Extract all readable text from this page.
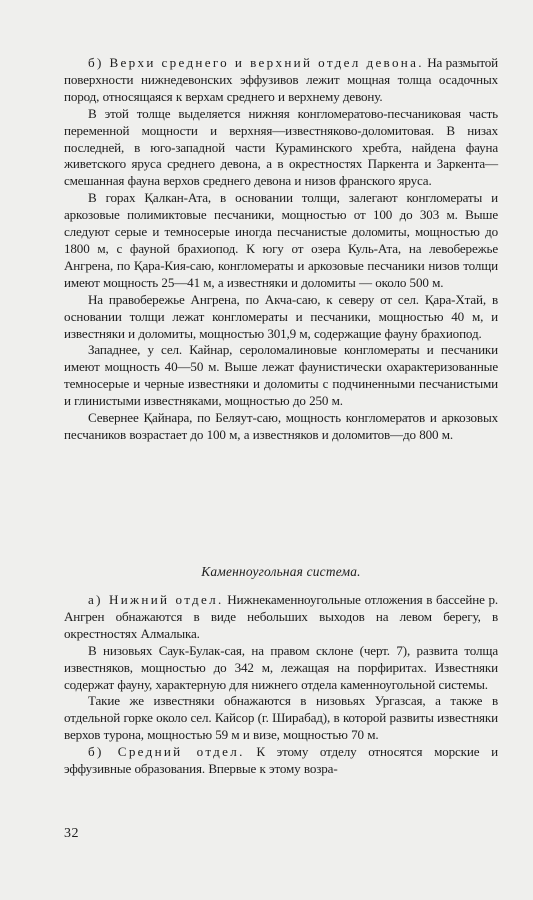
б) Верхи среднего и верхний отдел девона. На размытой поверхности нижнедевонских эффузивов лежит мощная толща осадочных пород, относящаяся к верхам среднего и верхнему девону.

В этой толще выделяется нижняя конгломератово-песчаниковая часть переменной мощности и верхняя—известняково-доломитовая. В низах последней, в юго-западной части Кураминского хребта, найдена фауна живетского яруса среднего девона, а в окрестностях Паркента и Заркента—смешанная фауна верхов среднего девона и низов франского яруса.

В горах Қалкан-Ата, в основании толщи, залегают конгломераты и аркозовые полимиктовые песчаники, мощностью от 100 до 303 м. Выше следуют серые и темносерые иногда песчанистые доломиты, мощностью до 1800 м, с фауной брахиопод. К югу от озера Куль-Ата, на левобережье Ангрена, по Қара-Кия-саю, конгломераты и аркозовые песчаники низов толщи имеют мощность 25—41 м, а известняки и доломиты — около 500 м.

На правобережье Ангрена, по Акча-саю, к северу от сел. Қара-Хтай, в основании толщи лежат конгломераты и песчаники, мощностью 40 м, и известняки и доломиты, мощностью 301,9 м, содержащие фауну брахиопод.

Западнее, у сел. Кайнар, сероломалиновые конгломераты и песчаники имеют мощность 40—50 м. Выше лежат фаунистически охарактеризованные темносерые и черные известняки и доломиты с подчиненными песчанистыми и глинистыми известняками, мощностью до 250 м.

Севернее Қайнара, по Беляут-саю, мощность конгломератов и аркозовых песчаников возрастает до 100 м, а известняков и доломитов—до 800 м.

Каменноугольная система.

а) Нижний отдел. Нижнекаменноугольные отложения в бассейне р. Ангрен обнажаются в виде небольших выходов на левом берегу, в окрестностях Алмалыка.

В низовьях Саук-Булак-сая, на правом склоне (черт. 7), развита толща известняков, мощностью до 342 м, лежащая на порфиритах. Известняки содержат фауну, характерную для нижнего отдела каменноугольной системы.

Такие же известняки обнажаются в низовьях Ургазсая, а также в отдельной горке около сел. Кайсор (г. Ширабад), в которой развиты известняки верхов турона, мощностью 59 м и визе, мощностью 70 м.

б) Средний отдел. К этому отделу относятся морские и эффузивные образования. Впервые к этому возра-

32
